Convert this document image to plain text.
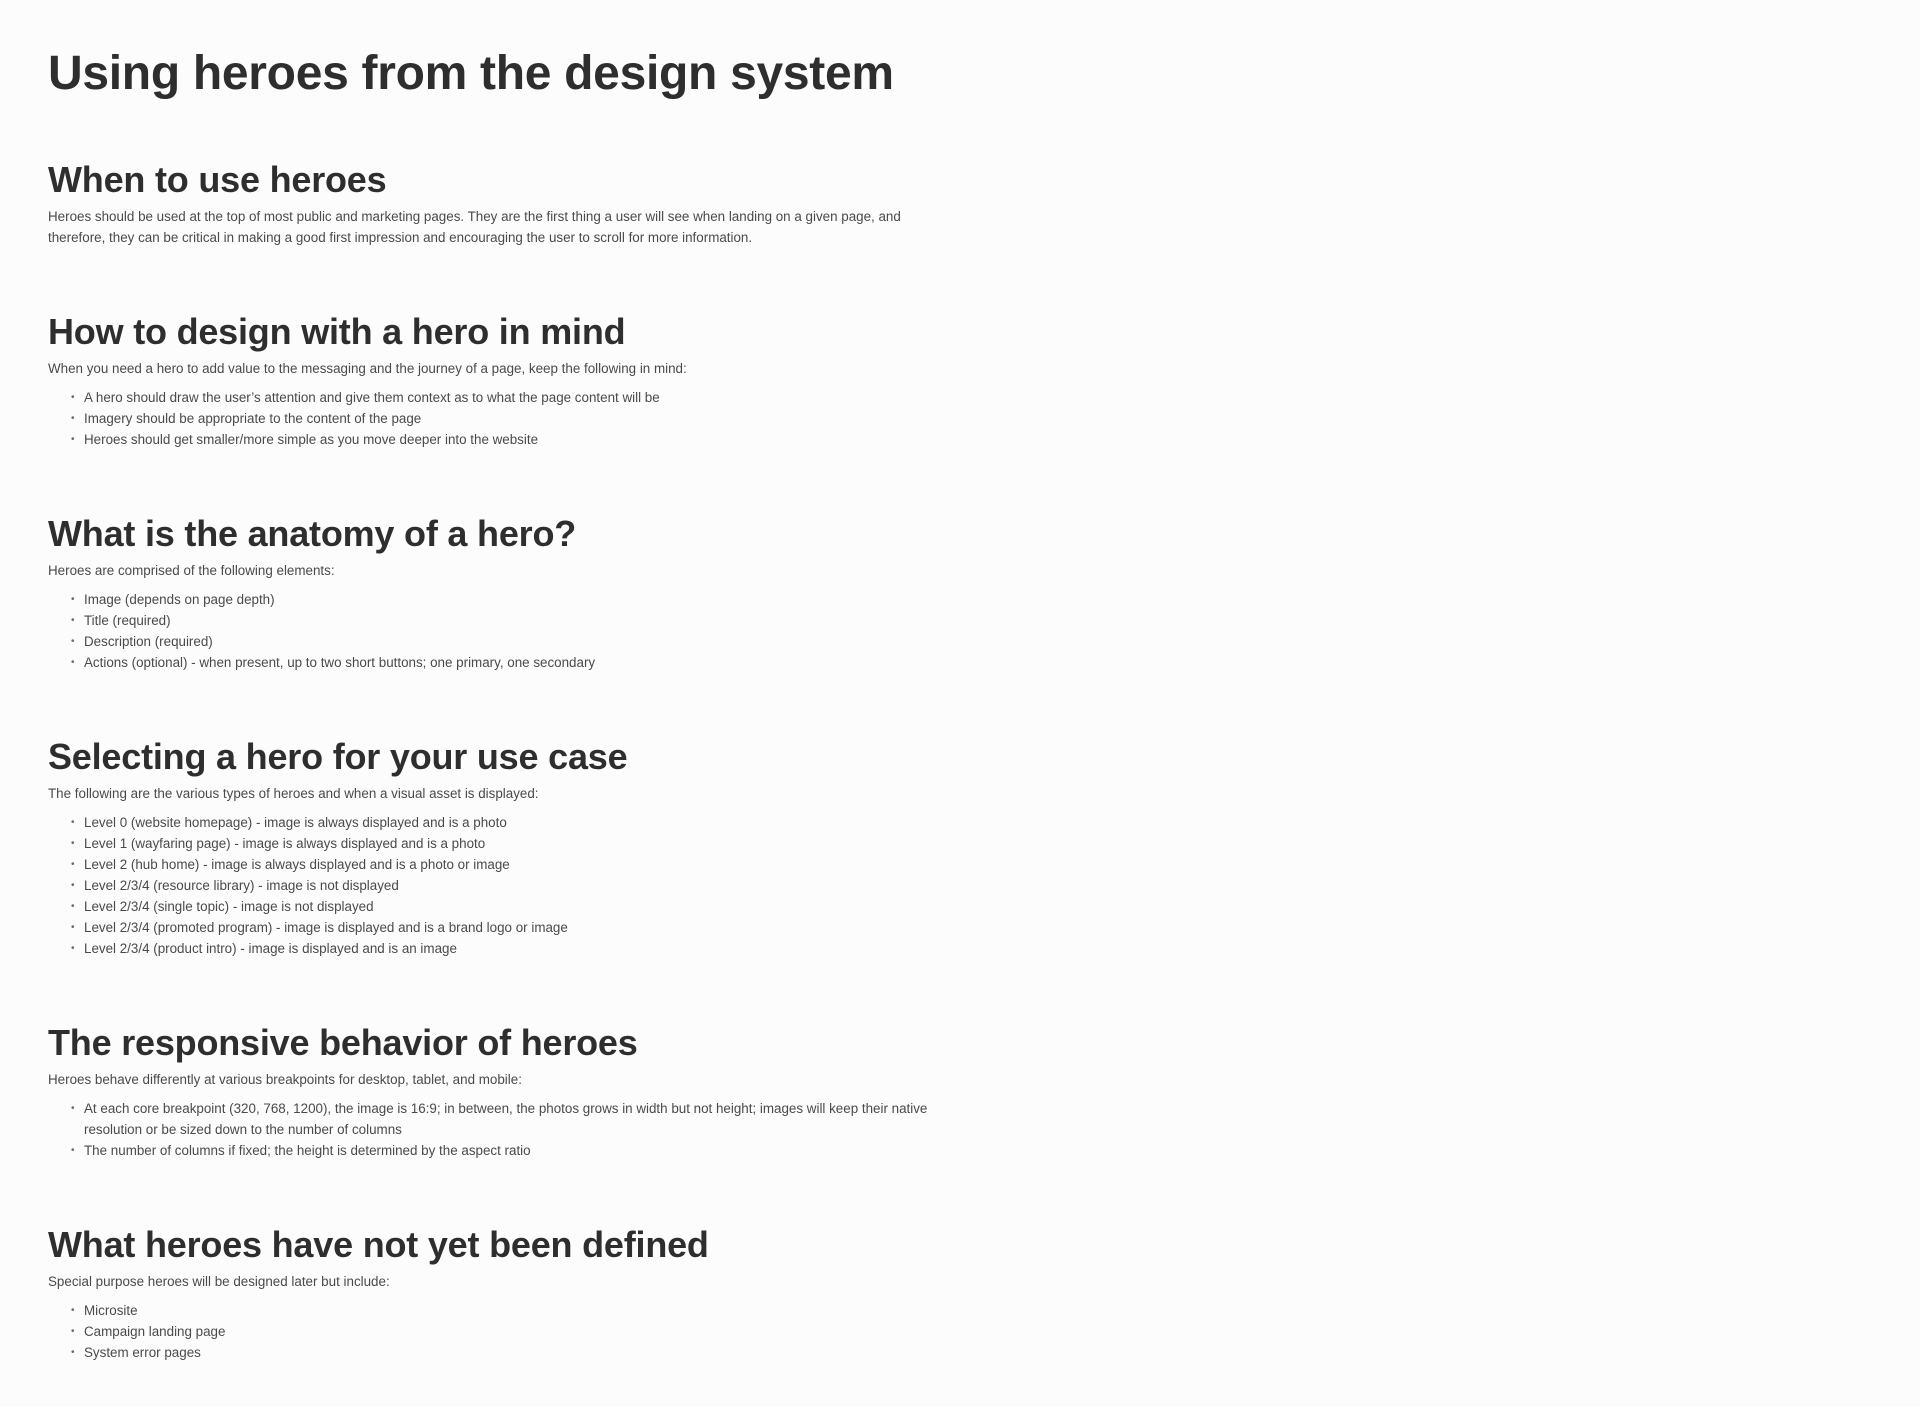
Using heroes from the design system
When to use heroes

Heroes should be used at the top of most public and marketing pages. They are the first thing a user will see when landing on a given page, and therefore, they can be critical in making a good first impression and encouraging the user to scroll for more information.

How to design with a hero in mind

When you need a hero to add value to the messaging and the journey of a page, keep the following in mind:

• A hero should draw the user’s attention and give them context as to what the page content will be
• Imagery should be appropriate to the content of the page
• Heroes should get smaller/more simple as you move deeper into the website
What is the anatomy of a hero?

Heroes are comprised of the following elements:

• Image (depends on page depth)
• Title (required)
• Description (required)
• Actions (optional) - when present, up to two short buttons; one primary, one secondary
Selecting a hero for your use case

The following are the various types of heroes and when a visual asset is displayed:

• Level 0 (website homepage) - image is always displayed and is a photo
• Level 1 (wayfaring page) - image is always displayed and is a photo
• Level 2 (hub home) - image is always displayed and is a photo or image
• Level 2/3/4 (resource library) - image is not displayed
• Level 2/3/4 (single topic) - image is not displayed
• Level 2/3/4 (promoted program) - image is displayed and is a brand logo or image
• Level 2/3/4 (product intro) - image is displayed and is an image
The responsive behavior of heroes

Heroes behave differently at various breakpoints for desktop, tablet, and mobile:

• At each core breakpoint (320, 768, 1200), the image is 16:9; in between, the photos grows in width but not height; images will keep their native resolution or be sized down to the number of columns
• The number of columns if fixed; the height is determined by the aspect ratio
What heroes have not yet been defined

Special purpose heroes will be designed later but include:

• Microsite
• Campaign landing page
• System error pages
